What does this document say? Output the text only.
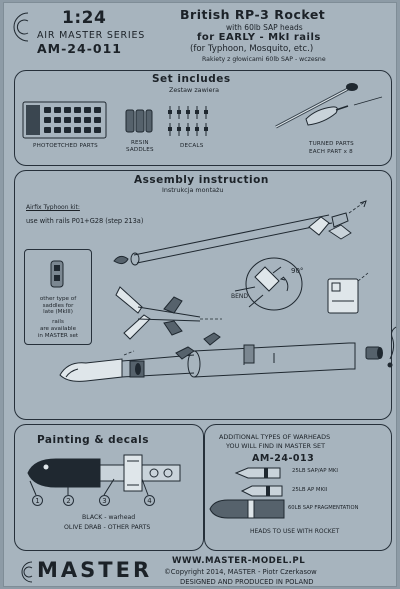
1:24
AIR MASTER SERIES
AM-24-011
British RP-3 Rocket
with 60lb SAP heads
for EARLY - MkI rails
(for Typhoon, Mosquito, etc.)
Rakiety z głowicami 60lb SAP - wczesne
Set includes
Zestaw zawiera
PHOTOETCHED PARTS	RESIN
SADDLES
DECALS	TURNED PARTS
EACH PART x 8
Assembly instruction
Instrukcja montażu
Airfix Typhoon kit:
use with rails P01+G28 (step 213a)
other type of
saddles for
late (MkIII)
rails
are available
in MASTER set
BEND
90°
Painting & decals
1	2	3	4
BLACK - warhead
OLIVE DRAB - OTHER PARTS
ADDITIONAL TYPES OF WARHEADS
YOU WILL FIND IN MASTER SET
AM-24-013
25LB SAP/AP MKI
25LB AP MKII
60LB SAP FRAGMENTATION
HEADS TO USE WITH ROCKET
MASTER WWW.MASTER-MODEL.PL
©Copyright 2014, MASTER - Piotr Czerkasow
DESIGNED AND PRODUCED IN POLAND
